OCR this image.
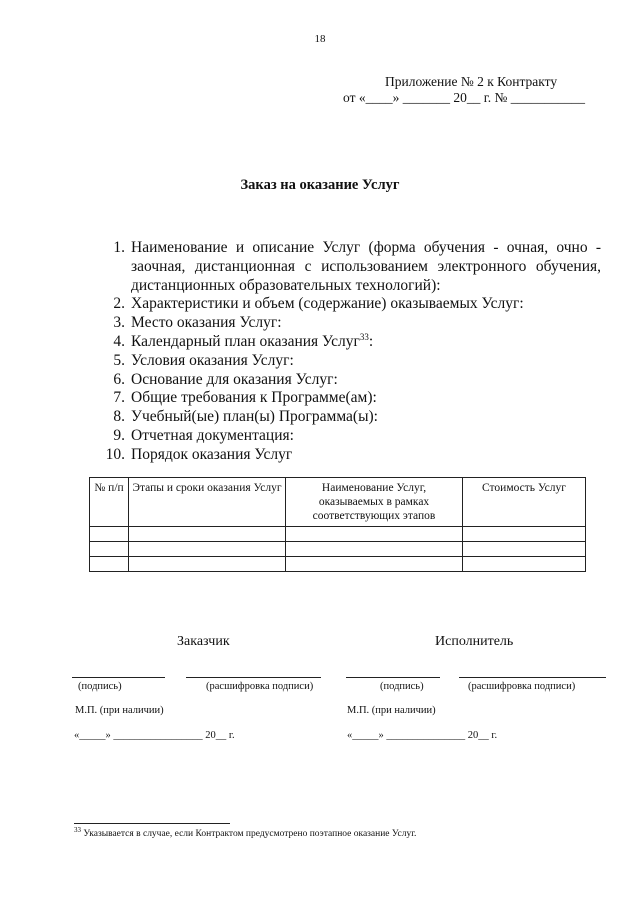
18
Приложение № 2 к Контракту
от «____» _______ 20__ г. № ___________
Заказ на оказание Услуг
1. Наименование и описание Услуг (форма обучения - очная, очно - заочная, дистанционная с использованием электронного обучения, дистанционных образовательных технологий):
2. Характеристики и объем (содержание) оказываемых Услуг:
3. Место оказания Услуг:
4. Календарный план оказания Услуг$^{33}$:
5. Условия оказания Услуг:
6. Основание для оказания Услуг:
7. Общие требования к Программе(ам):
8. Учебный(ые) план(ы) Программа(ы):
9. Отчетная документация:
10. Порядок оказания Услуг
№ п/п	Этапы и сроки оказания Услуг	Наименование Услуг, оказываемых в рамках соответствующих этапов	Стоимость Услуг

Заказчик
(подпись)	(расшифровка подписи)
М.П. (при наличии)
«_____» _________________ 20__ г.
Исполнитель
(подпись)	(расшифровка подписи)
М.П. (при наличии)
«_____» _______________ 20__ г.
$^{33}$ Указывается в случае, если Контрактом предусмотрено поэтапное оказание Услуг.
